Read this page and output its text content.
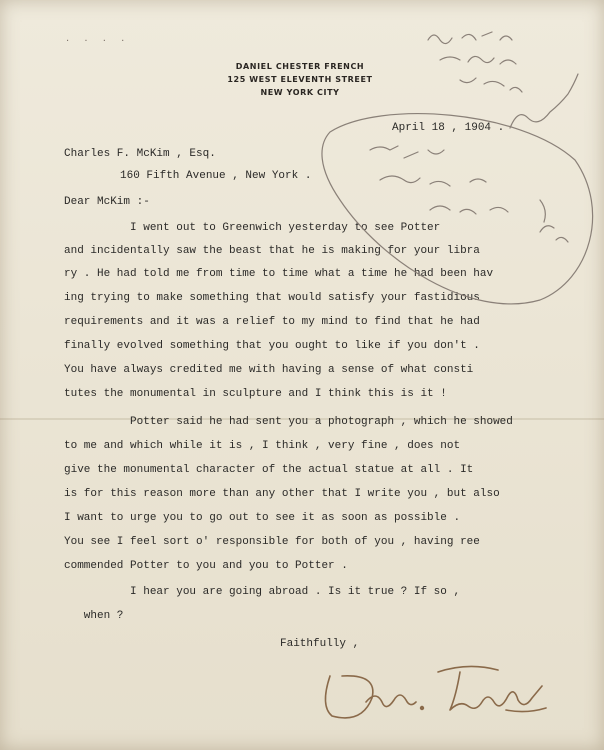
· · · ·
DANIEL CHESTER FRENCH
125 WEST ELEVENTH STREET
NEW YORK CITY
April 18 , 1904 .
Charles F. McKim , Esq.
160 Fifth Avenue , New York .
Dear McKim :-
I went out to Greenwich yesterday to see Potter
and incidentally saw the beast that he is making for your libra
ry . He had told me from time to time what a time he had been hav
ing trying to make something that would satisfy your fastidious
requirements and it was a relief to my mind to find that he had
finally evolved something that you ought to like if you don't .
You have always credited me with having a sense of what consti
tutes the monumental in sculpture and I think this is it !
Potter said he had sent you a photograph , which he showed
to me and which while it is , I think , very fine , does not
give the monumental character of the actual statue at all . It
is for this reason more than any other that I write you , but also
I want to urge you to go out to see it as soon as possible .
You see I feel sort o' responsible for both of you , having ree
commended Potter to you and you to Potter .
I hear you are going abroad . Is it true ? If so ,
when ?
Faithfully ,
